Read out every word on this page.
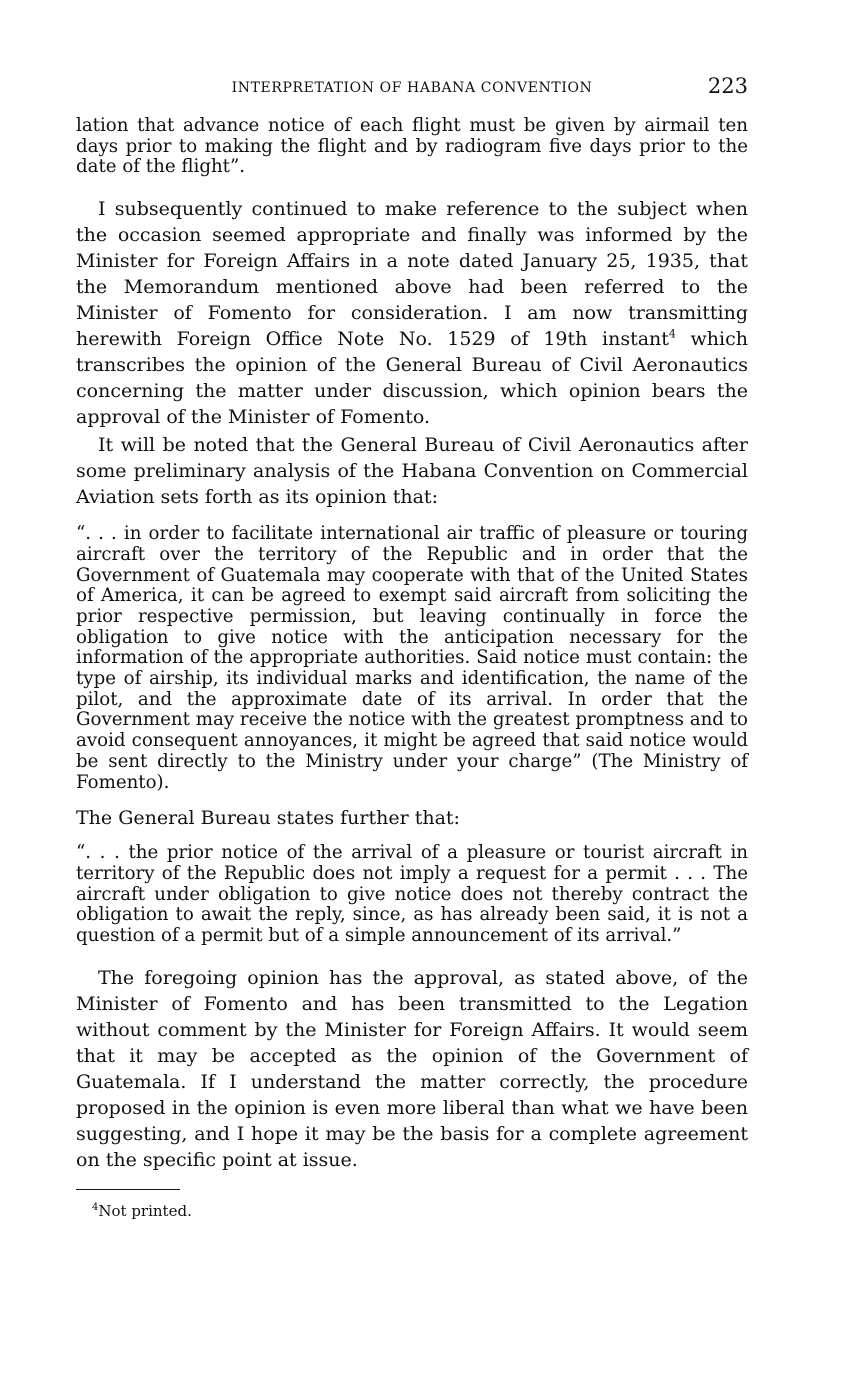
INTERPRETATION OF HABANA CONVENTION	223

lation that advance notice of each flight must be given by airmail ten days prior to making the flight and by radiogram five days prior to the date of the flight”.

I subsequently continued to make reference to the subject when the occasion seemed appropriate and finally was informed by the Minister for Foreign Affairs in a note dated January 25, 1935, that the Memorandum mentioned above had been referred to the Minister of Fomento for consideration. I am now transmitting herewith Foreign Office Note No. 1529 of 19th instant$^4$ which transcribes the opinion of the General Bureau of Civil Aeronautics concerning the matter under discussion, which opinion bears the approval of the Minister of Fomento.

It will be noted that the General Bureau of Civil Aeronautics after some preliminary analysis of the Habana Convention on Commercial Aviation sets forth as its opinion that:

“. . . in order to facilitate international air traffic of pleasure or touring aircraft over the territory of the Republic and in order that the Government of Guatemala may cooperate with that of the United States of America, it can be agreed to exempt said aircraft from soliciting the prior respective permission, but leaving continually in force the obligation to give notice with the anticipation necessary for the information of the appropriate authorities. Said notice must contain: the type of airship, its individual marks and identification, the name of the pilot, and the approximate date of its arrival. In order that the Government may receive the notice with the greatest promptness and to avoid consequent annoyances, it might be agreed that said notice would be sent directly to the Ministry under your charge” (The Ministry of Fomento).

The General Bureau states further that:

“. . . the prior notice of the arrival of a pleasure or tourist aircraft in territory of the Republic does not imply a request for a permit . . . The aircraft under obligation to give notice does not thereby contract the obligation to await the reply, since, as has already been said, it is not a question of a permit but of a simple announcement of its arrival.”

The foregoing opinion has the approval, as stated above, of the Minister of Fomento and has been transmitted to the Legation without comment by the Minister for Foreign Affairs. It would seem that it may be accepted as the opinion of the Government of Guatemala. If I understand the matter correctly, the procedure proposed in the opinion is even more liberal than what we have been suggesting, and I hope it may be the basis for a complete agreement on the specific point at issue.

$^4$Not printed.
